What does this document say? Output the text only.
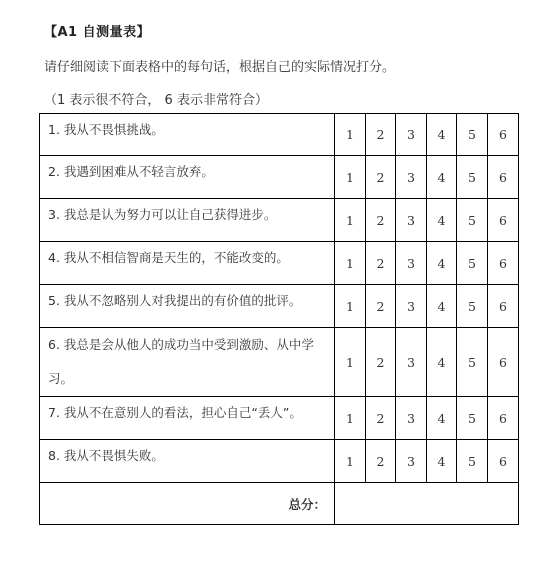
【A1 自测量表】
请仔细阅读下面表格中的每句话，根据自己的实际情况打分。
（1 表示很不符合， 6 表示非常符合）
1. 我从不畏惧挑战。	1	2	3	4	5	6
2. 我遇到困难从不轻言放弃。	1	2	3	4	5	6
3. 我总是认为努力可以让自己获得进步。	1	2	3	4	5	6
4. 我从不相信智商是天生的，不能改变的。	1	2	3	4	5	6
5. 我从不忽略别人对我提出的有价值的批评。	1	2	3	4	5	6
6. 我总是会从他人的成功当中受到激励、从中学习。	1	2	3	4	5	6
7. 我从不在意别人的看法，担心自己“丢人”。	1	2	3	4	5	6
8. 我从不畏惧失败。	1	2	3	4	5	6
总分：						
